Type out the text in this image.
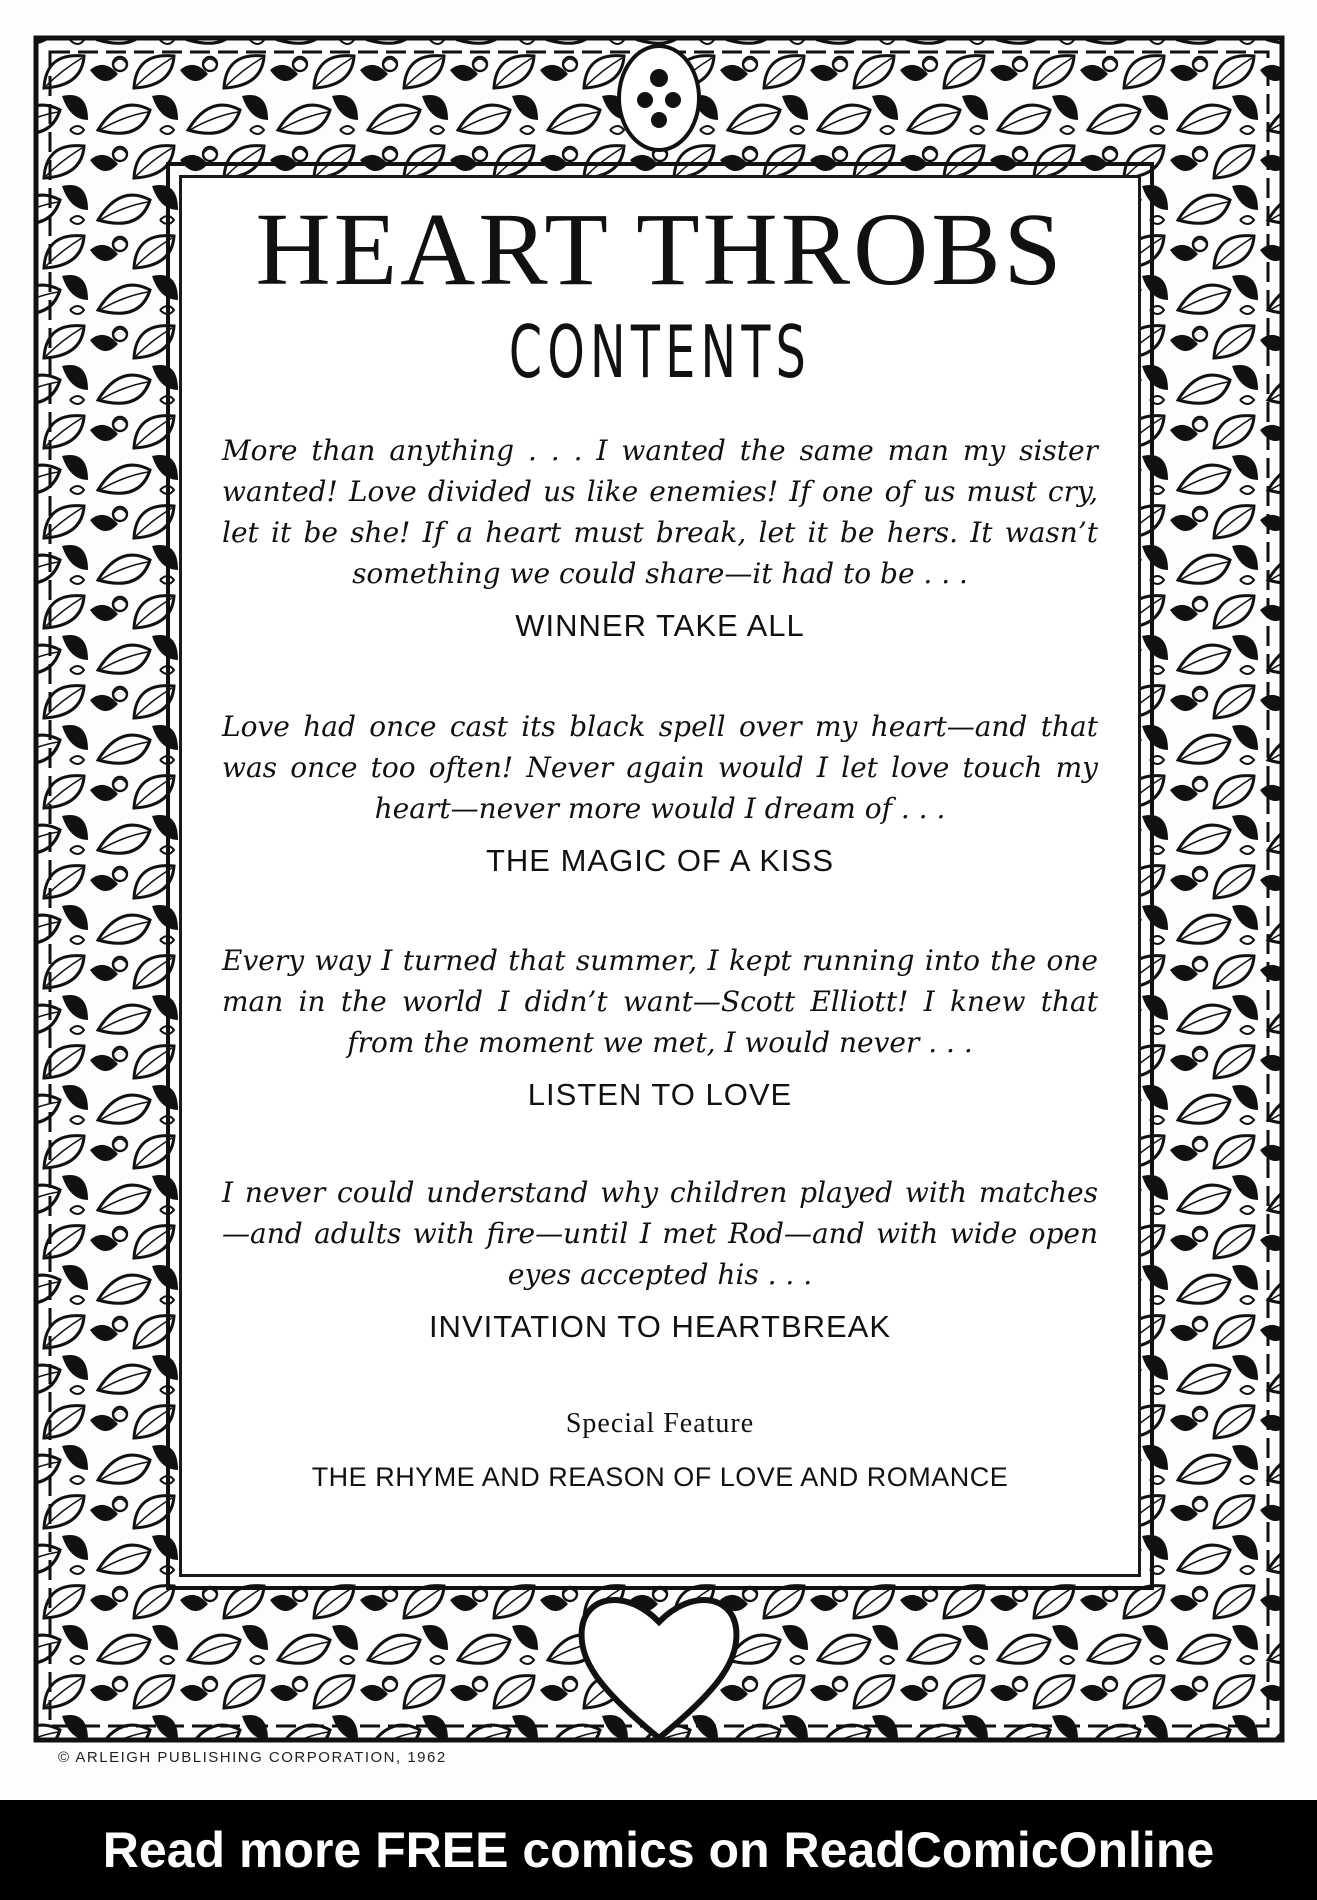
HEART THROBS
CONTENTS

More than anything . . . I wanted the same man my sister wanted! Love divided us like enemies! If one of us must cry, let it be she! If a heart must break, let it be hers. It wasn’t something we could share—it had to be . . .

WINNER TAKE ALL

Love had once cast its black spell over my heart—and that was once too often! Never again would I let love touch my heart—never more would I dream of . . .

THE MAGIC OF A KISS

Every way I turned that summer, I kept running into the one man in the world I didn’t want—Scott Elliott! I knew that from the moment we met, I would never . . .

LISTEN TO LOVE

I never could understand why children played with matches —and adults with fire—until I met Rod—and with wide open eyes accepted his . . .

INVITATION TO HEARTBREAK
Special Feature
THE RHYME AND REASON OF LOVE AND ROMANCE
© ARLEIGH PUBLISHING CORPORATION, 1962
Read more FREE comics on ReadComicOnline
